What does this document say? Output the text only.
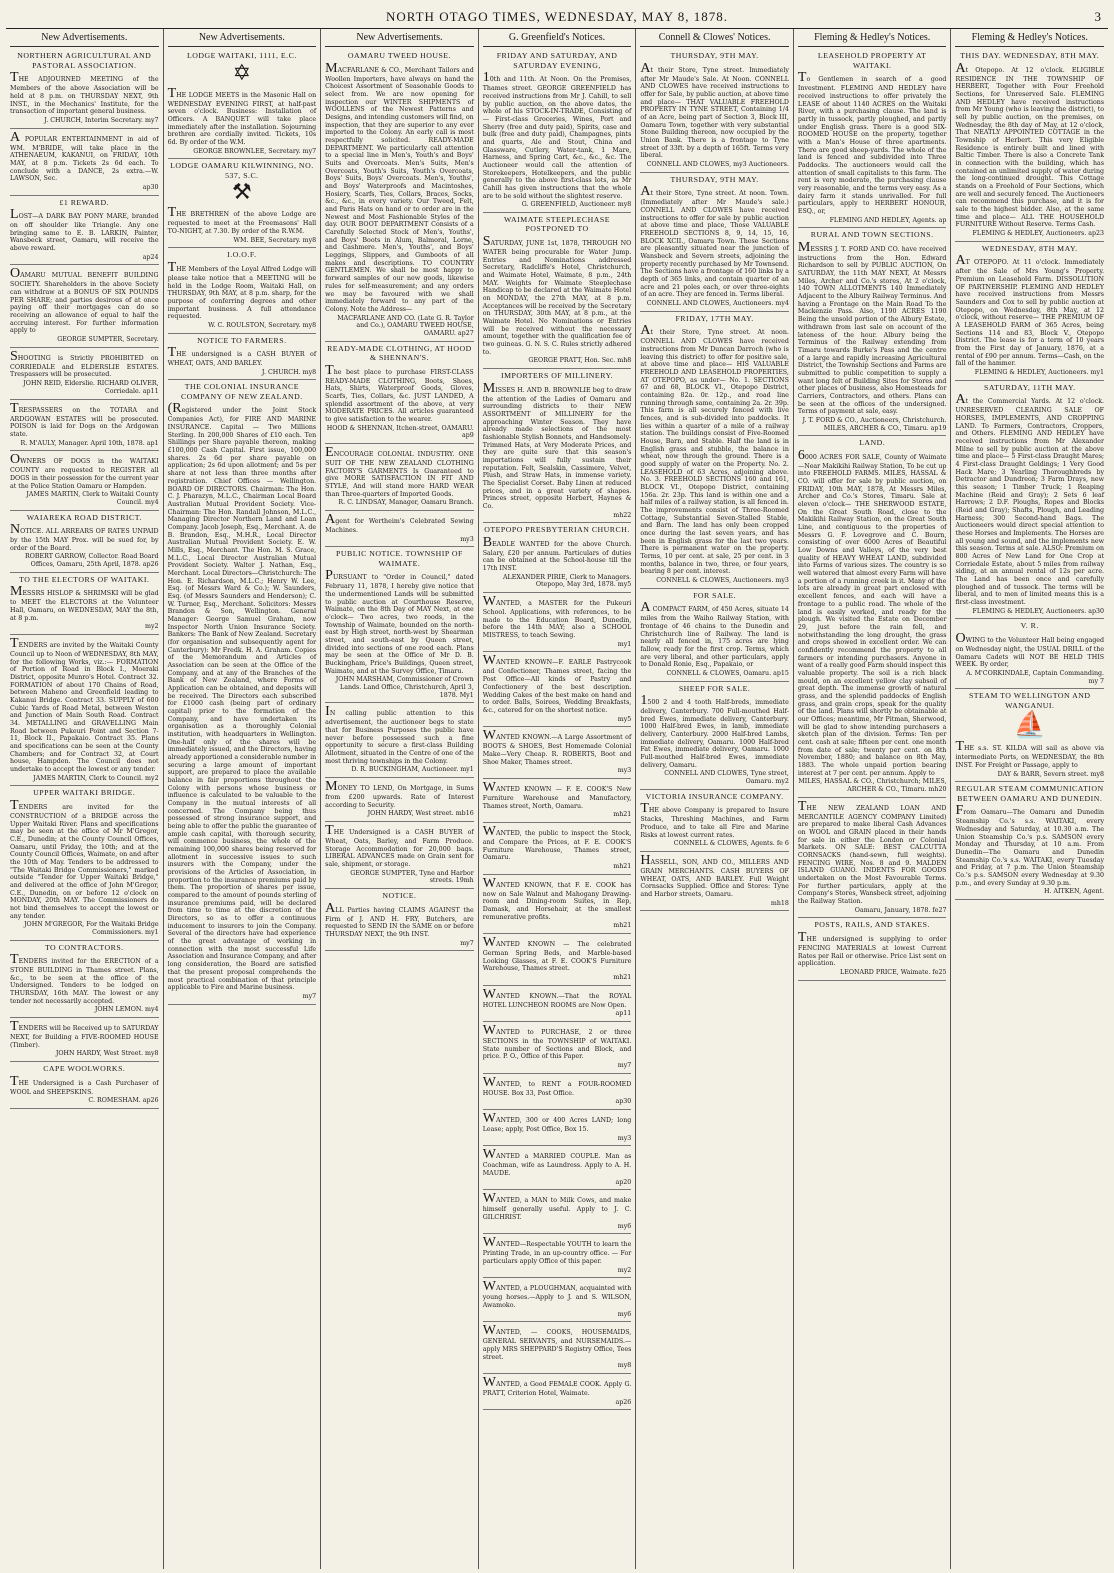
NORTH OTAGO TIMES, WEDNESDAY, MAY 8, 1878.	3
New Advertisements.
NORTHERN AGRICULTURAL AND PASTORAL ASSOCIATION.
THE ADJOURNED MEETING of the Members of the above Association will be held at 8 p.m. on THURSDAY NEXT, 9th INST., in the Mechanics' Institute, for the transaction of important general business.
J. CHURCH, Interim Secretary. my7
A POPULAR ENTERTAINMENT in aid of WM. M'BRIDE, will take place in the ATHENAEUM, KAKANUI, on FRIDAY, 10th MAY, at 8 p.m. Tickets 2s 6d each. To conclude with a DANCE, 2s extra.—W. LAWSON, Sec.
ap30
£1 REWARD.
LOST—A DARK BAY PONY MARE, branded on off shoulder like Triangle. Any one bringing same to E. B. LARKIN, Painter, Wansbeck street, Oamaru, will receive the above reward.
ap24
OAMARU MUTUAL BENEFIT BUILDING SOCIETY. Shareholders in the above Society can withdraw at a BONUS OF SIX POUNDS PER SHARE; and parties desirous of at once paying off their mortgages can do so receiving an allowance of equal to half the accruing interest. For further information apply to
GEORGE SUMPTER, Secretary.
SHOOTING is Strictly PROHIBITED on CORRIEDALE and ELDERSLIE ESTATES. Trespassers will be prosecuted.
JOHN REID, Elderslie. RICHARD OLIVER, Corriedale. ap11
TRESPASSERS on the TOTARA and ARDGOWAN ESTATES will be prosecuted. POISON is laid for Dogs on the Ardgowan state.
R. M'AULY, Manager. April 10th, 1878. ap1
OWNERS OF DOGS in the WAITAKI COUNTY are requested to REGISTER all DOGS in their possession for the current year at the Police Station Oamaru or Hampden.
JAMES MARTIN, Clerk to Waitaki County Council. my4
WAIAREKA ROAD DISTRICT.
NOTICE. ALL ARREARS OF RATES UNPAID by the 15th MAY Prox. will be sued for, by order of the Board.
ROBERT GARROW, Collector. Road Board Offices, Oamaru, 25th April, 1878. ap26
TO THE ELECTORS OF WAITAKI.
MESSRS HISLOP & SHRIMSKI will be glad to MEET the ELECTORS at the Volunteer Hall, Oamaru, on WEDNESDAY, MAY the 8th, at 8 p.m.
my2
TENDERS are invited by the Waitaki County Council up to Noon of WEDNESDAY, 8th MAY, for the following Works, viz.:— FORMATION of Portion of Road in Block I., Moeraki District, opposite Munro's Hotel. Contract 32. FORMATION of about 170 Chains of Road, between Maheno and Greenfield leading to Kakanui Bridge. Contract 33. SUPPLY of 600 Cubic Yards of Road Metal, between Weston and Junction of Main South Road. Contract 34. METALLING and GRAVELLING Main Road between Pukeuri Point and Section 7-11, Block II., Papakaio. Contract 35. Plans and specifications can be seen at the County Chambers; and for Contract 32, at Court house, Hampden. The Council does not undertake to accept the lowest or any tender.
JAMES MARTIN, Clerk to Council. my2
UPPER WAITAKI BRIDGE.
TENDERS are invited for the CONSTRUCTION of a BRIDGE across the Upper Waitaki River. Plans and specifications may be seen at the office of Mr M'Gregor, C.E., Dunedin; at the County Council Offices, Oamaru, until Friday, the 10th; and at the County Council Offices, Waimate, on and after the 10th of May. Tenders to be addressed to "The Waitaki Bridge Commissioners," marked outside "Tender for Upper Waitaki Bridge," and delivered at the office of John M'Gregor, C.E., Dunedin, on or before 12 o'clock on MONDAY, 20th MAY. The Commissioners do not bind themselves to accept the lowest or any tender.
JOHN M'GREGOR, For the Waitaki Bridge Commissioners. my1
TO CONTRACTORS.
TENDERS invited for the ERECTION of a STONE BUILDING in Thames street. Plans, &c., to be seen at the office of the Undersigned. Tenders to be lodged on THURSDAY, 16th MAY. The lowest or any tender not necessarily accepted.
JOHN LEMON. my4
TENDERS will be Received up to SATURDAY NEXT, for Building a FIVE-ROOMED HOUSE (Timber).
JOHN HARDY, West Street. my8
CAPE WOOLWORKS.
THE Undersigned is a Cash Purchaser of WOOL and SHEEPSKINS.
C. ROMESHAM. ap26
New Advertisements.
LODGE WAITAKI, 1111, E.C.
✡
THE LODGE MEETS in the Masonic Hall on WEDNESDAY EVENING FIRST, at half-past seven o'clock. Business: Installation of Officers. A BANQUET will take place immediately after the installation. Sojourning brethren are cordially invited. Tickets, 10s 6d. By order of the W.M.
GEORGE BROWNLEE, Secretary. my7
LODGE OAMARU KILWINNING, NO. 537, S.C.
⚒
THE BRETHREN of the above Lodge are requested to meet at the Freemasons' Hall TO-NIGHT, at 7.30. By order of the R.W.M.
WM. BEE, Secretary. my8
I.O.O.F.
THE Members of the Loyal Alfred Lodge will please take notice that a MEETING will be held in the Lodge Room, Waitaki Hall, on THURSDAY, 9th MAY, at 8 p.m. sharp, for the purpose of conferring degrees and other important business. A full attendance requested.
W. C. ROULSTON, Secretary. my8
NOTICE TO FARMERS.
THE undersigned is a CASH BUYER of WHEAT, OATS, AND BARLEY.
J. CHURCH. my8
THE COLONIAL INSURANCE COMPANY OF NEW ZEALAND.
(Registered under the Joint Stock Companies Act), for FIRE AND MARINE INSURANCE. Capital — Two Millions Sterling. In 200,000 Shares of £10 each. Ten Shillings per Share payable thereon, making £100,000 Cash Capital. First issue, 100,000 shares. 2s 6d per share payable on application; 2s 6d upon allotment; and 5s per share at not less than three months after registration. Chief Offices — Wellington. BOARD OF DIRECTORS. Chairman: The Hon. C. J. Pharazyn, M.L.C., Chairman Local Board Australian Mutual Provident Society. Vice-Chairman: The Hon. Randall Johnson, M.L.C., Managing Director Northern Land and Loan Company. Jacob Joseph, Esq., Merchant. A. de B. Brandon, Esq., M.H.R., Local Director Australian Mutual Provident Society. E. W. Mills, Esq., Merchant. The Hon. M. S. Grace, M.L.C., Local Director Australian Mutual Provident Society. Walter J. Nathan, Esq., Merchant. Local Directors—Christchurch: The Hon. E. Richardson, M.L.C.; Henry W. Lee, Esq. (of Messrs Ward & Co.); W. Saunders, Esq. (of Messrs Saunders and Henderson); C. W. Turner, Esq., Merchant. Solicitors: Messrs Brandon & Son, Wellington. General Manager: George Samuel Graham, now Inspector North Union Insurance Society. Bankers: The Bank of New Zealand. Secretary (for organisation and subsequently agent for Canterbury): Mr Fredk. H. A. Graham. Copies of the Memorandum and Articles of Association can be seen at the Office of the Company, and at any of the Branches of the Bank of New Zealand, where Forms of Application can be obtained, and deposits will be received. The Directors each subscribed for £1000 cash (being part of ordinary capital) prior to the formation of the Company, and have undertaken its organisation as a thoroughly Colonial institution, with headquarters in Wellington. One-half only of the shares will be immediately issued, and the Directors, having already apportioned a considerable number in securing a large amount of important support, are prepared to place the available balance in fair proportions throughout the Colony with persons whose business or influence is calculated to be valuable to the Company in the mutual interests of all concerned. The Company being thus possessed of strong insurance support, and being able to offer the public the guarantee of ample cash capital, with thorough security, will commence business, the whole of the remaining 100,000 shares being reserved for allotment in successive issues to such insurers with the Company, under the provisions of the Articles of Association, in proportion to the insurance premiums paid by them. The proportion of shares per issue, compared to the amount of pounds sterling of insurance premiums paid, will be declared from time to time at the discretion of the Directors, so as to offer a continuous inducement to insurers to join the Company. Several of the directors have had experience of the great advantage of working in connection with the most successful Life Association and Insurance Company, and after long consideration, the Board are satisfied that the present proposal comprehends the most practical combination of that principle applicable to Fire and Marine business.
my7
New Advertisements.
OAMARU TWEED HOUSE.
MACFARLANE & CO., Merchant Tailors and Woollen Importers, have always on hand the Choicest Assortment of Seasonable Goods to select from. We are now opening for inspection our WINTER SHIPMENTS of WOOLLENS of the Newest Patterns and Designs, and intending customers will find, on inspection, that they are superior to any ever imported to the Colony. An early call is most respectfully solicited. READY-MADE DEPARTMENT. We particularly call attention to a special line in Men's, Youth's and Boys' Suits and Overcoats. Men's Suits, Men's Overcoats, Youth's Suits, Youth's Overcoats, Boys' Suits, Boys' Overcoats. Men's, Youths', and Boys' Waterproofs and Macintoshes, Hosiery, Scarfs, Ties, Collars, Braces, Socks, &c., &c., in every variety. Our Tweed, Felt, and Paris Hats on hand or to order are in the Newest and Most Fashionable Styles of the day. OUR BOOT DEPARTMENT Consists of a Carefully Selected Stock of Men's, Youths', and Boys' Boots in Alum, Balmoral, Lorne, and Cashmere. Men's, Youths', and Boys' Leggings, Slippers, and Gumboots of all makes and descriptions. TO COUNTRY GENTLEMEN. We shall be most happy to forward samples of our new goods, likewise rules for self-measurement; and any orders we may be favoured with we shall immediately forward to any part of the Colony. Note the Address—
MACFARLANE AND CO. (Late G. R. Taylor and Co.), OAMARU TWEED HOUSE, OAMARU. ap27
READY-MADE CLOTHING, AT HOOD & SHENNAN'S.
The best place to purchase FIRST-CLASS READY-MADE CLOTHING, Boots, Shoes, Hats, Shirts, Waterproof Goods, Gloves, Scarfs, Ties, Collars, &c. JUST LANDED, A splendid assortment of the above, at very MODERATE PRICES. All articles guaranteed to give satisfaction to the wearer.
HOOD & SHENNAN, Itchen-street, OAMARU. ap9
ENCOURAGE COLONIAL INDUSTRY. ONE SUIT OF THE NEW ZEALAND CLOTHING FACTORY'S GARMENTS Is Guaranteed to give MORE SATISFACTION IN FIT AND STYLE, And will stand more HARD WEAR than Three-quarters of Imported Goods.
R. C. LINDSAY, Manager, Oamaru Branch.
Agent for Wertheim's Celebrated Sewing Machines.
my3
PUBLIC NOTICE. TOWNSHIP OF WAIMATE.
PURSUANT to "Order in Council," dated February 11, 1878, I hereby give notice that the undermentioned Lands will be submitted to public auction at Courthouse Reserve, Waimate, on the 8th Day of MAY Next, at one o'clock— Two acres, two roods, in the Township of Waimate, bounded on the north-east by High street, north-west by Shearman street, and south-east by Queen street, divided into sections of one rood each. Plans may be seen at the Office of Mr D. B. Buckingham, Price's Buildings, Queen street, Waimate, and at the Survey Office, Timaru.
JOHN MARSHAM, Commissioner of Crown Lands. Land Office, Christchurch, April 3, 1878. My1
IN calling public attention to this advertisement, the auctioneer begs to state that for Business Purposes the public have never before possessed such a fine opportunity to secure a first-class Building Allotment, situated in the Centre of one of the most thriving townships in the Colony.
D. R. BUCKINGHAM, Auctioneer. my1
MONEY TO LEND, On Mortgage, in Sums from £200 upwards. Rate of Interest according to Security.
JOHN HARDY, West street. mb16
THE Undersigned is a CASH BUYER of Wheat, Oats, Barley, and Farm Produce. Storage Accommodation for 20,000 bags. LIBERAL ADVANCES made on Grain sent for sale, shipment, or storage.
GEORGE SUMPTER, Tyne and Harbor streets. 19mh
NOTICE.
ALL Parties having CLAIMS AGAINST the Firm of J. AND H. FRY, Butchers, are requested to SEND IN the SAME on or before THURSDAY NEXT, the 9th INST.
my7
G. Greenfield's Notices.
FRIDAY AND SATURDAY, AND SATURDAY EVENING,
10th and 11th. At Noon. On the Premises, Thames street. GEORGE GREENFIELD has received instructions from Mr J. Cahill, to sell by public auction, on the above dates, the whole of his STOCK-IN-TRADE, Consisting of— First-class Groceries, Wines, Port and Sherry (free and duty paid), Spirits, case and bulk (free and duty paid), Champagnes, pints and quarts, Ale and Stout, China and Glassware, Cutlery, Water-tank, 1 Mare, Harness, and Spring Cart, &c., &c., &c. The Auctioneer would call the attention of Storekeepers, Hotelkeepers, and the public generally to the above first-class lots, as Mr Cahill has given instructions that the whole are to be sold without the slightest reserve.
G. GREENFIELD, Auctioneer. my8
WAIMATE STEEPLECHASE POSTPONED TO
SATURDAY, JUNE 1st, 1878, THROUGH NO WATER being procurable for Water Jump. Entries and Nominations addressed Secretary, Radcliffe's Hotel, Christchurch, and Waimate Hotel, Waimate, 8 p.m., 24th MAY. Weights for Waimate Steeplechase Handicap to be declared at the Waimate Hotel on MONDAY, the 27th MAY, at 8 p.m. Acceptances will be received by the Secretary on THURSDAY, 30th MAY, at 8 p.m., at the Waimate Hotel. No Nominations or Entries will be received without the necessary amount, together with the qualification fee of two guineas. G. N. S. C. Rules strictly adhered to.
GEORGE PRATT, Hon. Sec. mh8
IMPORTERS OF MILLINERY.
MISSES H. AND B. BROWNLIE beg to draw the attention of the Ladies of Oamaru and surrounding districts to their NEW ASSORTMENT of MILLINERY for the approaching Winter Season. They have already made selections of the most fashionable Stylish Bonnets, and Handsomely-Trimmed Hats, at Very Moderate Prices, and they are quite sure that this season's importations will fully sustain their reputation. Felt, Sealskin, Cassimere, Velvet, Plush, and Straw Hats, in immense variety. The Specialist Corset. Baby Linen at reduced prices, and in a great variety of shapes. Princes street, opposite Herbert, Haynes & Co.
mh22
OTEPOPO PRESBYTERIAN CHURCH.
BEADLE WANTED for the above Church. Salary, £20 per annum. Particulars of duties can be obtained at the School-house till the 17th INST.
ALEXANDER PIRIE, Clerk to Managers. Otepopo, May 3rd, 1878. my5
WANTED, a MASTER for the Pukeuri School. Applications, with references, to be made to the Education Board, Dunedin, before the 14th MAY; also a SCHOOL MISTRESS, to teach Sewing.
my1
WANTED KNOWN—F. EARLE Pastrycook and Confectioner, Thames street, facing the Post Office—All kinds of Pastry and Confectionery of the best description. Wedding Cakes of the best make on hand and to order. Balls, Soirees, Wedding Breakfasts, &c., catered for on the shortest notice.
my5
WANTED KNOWN.—A Large Assortment of BOOTS & SHOES, Best Homemade Colonial Make—Very Cheap. R. ROBERTS, Boot and Shoe Maker, Thames street.
my3
WANTED KNOWN — F. E. COOK'S New Furniture Warehouse and Manufactory, Thames street, North, Oamaru.
mh21
WANTED, the public to inspect the Stock, and Compare the Prices, at F. E. COOK'S Furniture Warehouse, Thames street, Oamaru.
mh21
WANTED KNOWN, that F. E. COOK has now on Sale Walnut and Mahogany Drawing-room and Dining-room Suites, in Rep, Damask, and Horsehair, at the smallest remunerative profits.
mh21
WANTED KNOWN — The celebrated German Spring Beds, and Marble-based Looking Glasses, at F. E. COOK'S Furniture Warehouse, Thames street.
mh21
WANTED KNOWN.—That the ROYAL HOTEL LUNCHEON ROOMS are Now Open.
ap11
WANTED to PURCHASE, 2 or three SECTIONS in the TOWNSHIP of WAITAKI. State number of Sections and Block, and price. P. O., Office of this Paper.
my7
WANTED, to RENT a FOUR-ROOMED HOUSE. Box 33, Post Office.
ap30
WANTED, 300 or 400 Acres LAND; long Lease; apply, Post Office, Box 15.
my3
WANTED a MARRIED COUPLE. Man as Coachman, wife as Laundress. Apply to A. H. MAUDE.
ap20
WANTED, a MAN to Milk Cows, and make himself generally useful. Apply to J. C. GILCHRIST.
my6
WANTED—Respectable YOUTH to learn the Printing Trade, in an up-country office. — For particulars apply Office of this paper.
my2
WANTED, a PLOUGHMAN, acquainted with young horses.—Apply to J. and S. WILSON, Awamoko.
my6
WANTED, — COOKS, HOUSEMAIDS, GENERAL SERVANTS, and NURSEMAIDS.—apply MRS SHEPPARD'S Registry Office, Tees street.
my8
WANTED, a Good FEMALE COOK. Apply G. PRATT, Criterion Hotel, Waimate.
ap26
Connell & Clowes' Notices.
THURSDAY, 9TH MAY.
At their Store, Tyne street. Immediately after Mr Maude's Sale. At Noon. CONNELL AND CLOWES have received instructions to offer for Sale, by public auction, at above time and place— THAT VALUABLE FREEHOLD PROPERTY IN TYNE STREET, Containing 1/4 of an Acre, being part of Section 3, Block III, Oamaru Town, together with very substantial Stone Building thereon, now occupied by the Union Bank. There is a frontage to Tyne street of 33ft. by a depth of 165ft. Terms very liberal.
CONNELL AND CLOWES, my3 Auctioneers.
THURSDAY, 9TH MAY.
At their Store, Tyne street. At noon. Town. (Immediately after Mr Maude's sale.) CONNELL AND CLOWES have received instructions to offer for sale by public auction at above time and place, Those VALUABLE FREEHOLD SECTIONS 8, 9, 14, 15, 16, BLOCK XCII., Oamaru Town. These Sections are pleasantly situated near the junction of Wansbeck and Severn streets, adjoining the property recently purchased by Mr Townsend. The Sections have a frontage of 160 links by a depth of 365 links, and contain quarter of an acre and 21 poles each, or over three-eights of an acre. They are fenced in. Terms liberal.
CONNELL AND CLOWES, Auctioneers. my4
FRIDAY, 17TH MAY.
At their Store, Tyne street. At noon. CONNELL AND CLOWES have received instructions from Mr Duncan Darroch (who is leaving this district) to offer for positive sale, at above time and place— HIS VALUABLE FREEHOLD AND LEASEHOLD PROPERTIES, AT OTEPOPO, as under— No. 1. SECTIONS 67 and 68, BLOCK VI., Otepopo District, containing 82a. 0r. 12p., and road line running through same, containing 2a. 2r. 39p. This farm is all securely fenced with live fences, and is sub-divided into paddocks. It lies within a quarter of a mile of a railway station. The buildings consist of Five-Roomed House, Barn, and Stable. Half the land is in English grass and stubble, the balance in wheat, now through the ground. There is a good supply of water on the Property. No. 2. LEASEHOLD of 63 Acres, adjoining above. No. 3. FREEHOLD SECTIONS 160 and 161, BLOCK VI., Otepopo District, containing 156a. 2r. 23p. This land is within one and a half miles of a railway station, is all fenced in. The improvements consist of Three-Roomed Cottage, Substantial Seven-Stalled Stable, and Barn. The land has only been cropped once during the last seven years, and has been in English grass for the last two years. There is permanent water on the property. Terms, 10 per cent. at sale, 25 per cent. in 3 months, balance in two, three, or four years, bearing 8 per cent. interest.
CONNELL & CLOWES, Auctioneers. my3
FOR SALE.
A COMPACT FARM, of 450 Acres, situate 14 miles from the Waiho Railway Station, with frontage of 46 chains to the Dunedin and Christchurch line of Railway. The land is nearly all fenced in, 175 acres are lying fallow, ready for the first crop. Terms, which are very liberal, and other particulars, apply to Donald Ronie, Esq., Papakaio, or
CONNELL & CLOWES, Oamaru. ap15
SHEEP FOR SALE.
1500 2 and 4 tooth Half-breds, immediate delivery, Canterbury. 700 Full-mouthed Half-bred Ewes, immediate delivery, Canterbury. 1000 Half-bred Ewes, in lamb, immediate delivery, Canterbury. 2000 Half-bred Lambs, immediate delivery, Oamaru. 1000 Half-bred Fat Ewes, immediate delivery, Oamaru. 1000 Full-mouthed Half-bred Ewes, immediate delivery, Oamaru.
CONNELL AND CLOWES, Tyne street, Oamaru. my2
VICTORIA INSURANCE COMPANY.
THE above Company is prepared to Insure Stacks, Threshing Machines, and Farm Produce, and to take all Fire and Marine Risks at lowest current rates.
CONNELL & CLOWES, Agents. fe 6
HASSELL, SON, AND CO., MILLERS AND GRAIN MERCHANTS. CASH BUYERS OF WHEAT, OATS, AND BARLEY. Full Weight Cornsacks Supplied. Office and Stores: Tyne and Harbor streets, Oamaru.
mh18
Fleming & Hedley's Notices.
LEASEHOLD PROPERTY AT WAITAKI.
To Gentlemen in search of a good Investment. FLEMING AND HEDLEY have received instructions to offer privately the LEASE of about 1140 ACRES on the Waitaki River, with a purchasing clause. The land is partly in tussock, partly ploughed, and partly under English grass. There is a good SIX-ROOMED HOUSE on the property, together with a Man's House of three apartments. There are good sheep-yards. The whole of the land is fenced and subdivided into Three Paddocks. The auctioneers would call the attention of small capitalists to this farm. The rent is very moderate, the purchasing clause very reasonable, and the terms very easy. As a dairy farm it stands unrivalled. For full particulars, apply to HERBERT HONOUR, ESQ., or,
FLEMING AND HEDLEY, Agents. ap
RURAL AND TOWN SECTIONS.
MESSRS J. T. FORD AND CO. have received instructions from the Hon. Edward Richardson to sell by PUBLIC AUCTION, On SATURDAY, the 11th MAY NEXT, At Messrs Miles, Archer and Co.'s stores, At 2 o'clock, 140 TOWN ALLOTMENTS 140 Immediately Adjacent to the Albury Railway Terminus. And having a Frontage on the Main Road To the Mackenzie Pass. Also, 1190 ACRES 1190 Being the unsold portion of the Albury Estate, withdrawn from last sale on account of the lateness of the hour. Albury being the Terminus of the Railway extending from Timaru towards Burke's Pass and the centre of a large and rapidly increasing Agricultural District, the Township Sections and Farms are submitted to public competition to supply a want long felt of Building Sites for Stores and other places of business, also Homesteads for Carriers, Contractors, and others. Plans can be seen at the offices of the undersigned. Terms of payment at sale, easy.
J. T. FORD & CO., Auctioneers, Christchurch. MILES, ARCHER & CO., Timaru. ap19
LAND.
6000 ACRES FOR SALE, County of Waimate—Near Makikihi Railway Station, To be cut up into FREEHOLD FARMS. MILES, HASSAL & CO. will offer for sale by public auction, on FRIDAY, 10th MAY, 1878, At Messrs Miles, Archer and Co.'s Stores, Timaru. Sale at eleven o'clock— THE SHERWOOD ESTATE, On the Great South Road, close to the Makikihi Railway Station, on the Great South Line, and contiguous to the properties of Messrs G. F. Lovegrove and C. Bourn, consisting of over 6000 Acres of Beautiful Low Downs and Valleys, of the very best quality of HEAVY WHEAT LAND, subdivided into Farms of various sizes. The country is so well watered that almost every Farm will have a portion of a running creek in it. Many of the lots are already in great part enclosed with excellent fences, and each will have a frontage to a public road. The whole of the land is easily worked, and ready for the plough. We visited the Estate on December 29, just before the rain fell, and notwithstanding the long drought, the grass and crops showed in excellent order. We can confidently recommend the property to all farmers or intending purchasers. Anyone in want of a really good Farm should inspect this valuable property. The soil is a rich black mould, on an excellent yellow clay subsoil of great depth. The immense growth of natural grass, and the splendid paddocks of English grass, and grain crops, speak for the quality of the land. Plans will shortly be obtainable at our Offices; meantime, Mr Pitman, Sherwood, will be glad to show intending purchasers a sketch plan of the division. Terms: Ten per cent. cash at sale; fifteen per cent. one month from date of sale; twenty per cent. on 8th November, 1880; and balance on 8th May, 1883. The whole unpaid portion bearing interest at 7 per cent. per annum. Apply to
MILES, HASSAL & CO., Christchurch; MILES, ARCHER & CO., Timaru. mh20
THE NEW ZEALAND LOAN AND MERCANTILE AGENCY COMPANY Limited) are prepared to make liberal Cash Advances on WOOL and GRAIN placed in their hands for sale in either the London or Colonial Markets. ON SALE: BEST CALCUTTA CORNSACKS (hand-sewn, full weights). FENCING WIRE, Nos. 8 and 9. MALDEN ISLAND GUANO. INDENTS FOR GOODS undertaken on the Most Favourable Terms. For further particulars, apply at the Company's Stores, Wansbeck street, adjoining the Railway Station.
Oamaru, January, 1878. fe27
POSTS, RAILS, AND STAKES.
THE undersigned is supplying to order FENCING MATERIALS at lowest Current Rates per Rail or otherwise. Price List sent on application.
LEONARD PRICE, Waimate. fe25
Fleming & Hedley's Notices.
THIS DAY. WEDNESDAY, 8TH MAY.
At Otepopo. At 12 o'clock. ELIGIBLE RESIDENCE IN THE TOWNSHIP OF HERBERT, Together with Four Freehold Sections, for Unreserved Sale. FLEMING AND HEDLEY have received instructions from Mr Young (who is leaving the district), to sell by public auction, on the premises, on Wednesday, the 8th day of May, at 12 o'clock, That NEATLY APPOINTED COTTAGE in the Township of Herbert. This very Eligible Residence is entirely built and lined with Baltic Timber. There is also a Concrete Tank in connection with the building, which has contained an unlimited supply of water during the long-continued drought. This Cottage stands on a Freehold of Four Sections, which are well and securely fenced. The Auctioneers can recommend this purchase, and it is for sale to the highest bidder. Also, at the same time and place— ALL THE HOUSEHOLD FURNITURE Without Reserve. Terms Cash.
FLEMING & HEDLEY, Auctioneers. ap23
WEDNESDAY, 8TH MAY.
AT OTEPOPO. At 11 o'clock. Immediately after the Sale of Mrs Young's Property. Premium on Leasehold Farm. DISSOLUTION OF PARTNERSHIP. FLEMING AND HEDLEY have received instructions from Messrs Saunders and Cox to sell by public auction at Otepopo, on Wednesday, 8th May, at 12 o'clock, without reserve— THE PREMIUM OF A LEASEHOLD FARM of 365 Acres, being Sections 114 and 83, Block V., Otepopo District. The lease is for a term of 10 years from the First day of January, 1876, at a rental of £90 per annum. Terms—Cash, on the fall of the hammer.
FLEMING & HEDLEY, Auctioneers. my1
SATURDAY, 11TH MAY.
At the Commercial Yards. At 12 o'clock. UNRESERVED CLEARING SALE OF HORSES, IMPLEMENTS, AND CROPPING LAND. To Farmers, Contractors, Croppers, and Others. FLEMING AND HEDLEY have received instructions from Mr Alexander Milne to sell by public auction at the above time and place— 5 First-class Draught Mares; 4 First-class Draught Geldings; 1 Very Good Hack Mare; 3 Yearling Thoroughbreds by Detractor and Dundreon; 3 Farm Drays, new this season; 1 Timber Truck; 1 Reaping Machine (Reid and Gray); 2 Sets 6 leaf Harrows; 2 D.F. Ploughs, Ropes and Blocks (Reid and Gray); Shafts, Plough, and Leading Harness; 300 Second-hand Bags. The Auctioneers would direct special attention to these Horses and Implements. The Horses are all young and sound, and the implements new this season. Terms at sale. ALSO: Premium on 800 Acres of New Land for One Crop at Corriedale Estate, about 5 miles from railway siding, at an annual rental of 12s per acre. The Land has been once and carefully ploughed and of tussock. The terms will be liberal, and to men of limited means this is a first-class investment.
FLEMING & HEDLEY, Auctioneers. ap30
V. R.
OWING to the Volunteer Hall being engaged on Wednesday night, the USUAL DRILL of the Oamaru Cadets will NOT BE HELD THIS WEEK. By order,
A. M'CORKINDALE, Captain Commanding. my 7
STEAM TO WELLINGTON AND WANGANUI.
⛵
THE s.s. ST. KILDA will sail as above via intermediate Ports, on WEDNESDAY, the 8th INST. For Freight or Passage, apply to
DAY & BARR, Severn street. my8
REGULAR STEAM COMMUNICATION BETWEEN OAMARU AND DUNEDIN.
From Oamaru—The Oamaru and Dunedin Steamship Co.'s s.s. WAITAKI, every Wednesday and Saturday, at 10.30 a.m. The Union Steamship Co.'s p.s. SAMSON every Monday and Thursday, at 10 a.m. From Dunedin—The Oamaru and Dunedin Steamship Co.'s s.s. WAITAKI, every Tuesday and Friday, at 7 p.m. The Union Steamship Co.'s p.s. SAMSON every Wednesday at 9.30 p.m., and every Sunday at 9.30 p.m.
H. AITKEN, Agent.
